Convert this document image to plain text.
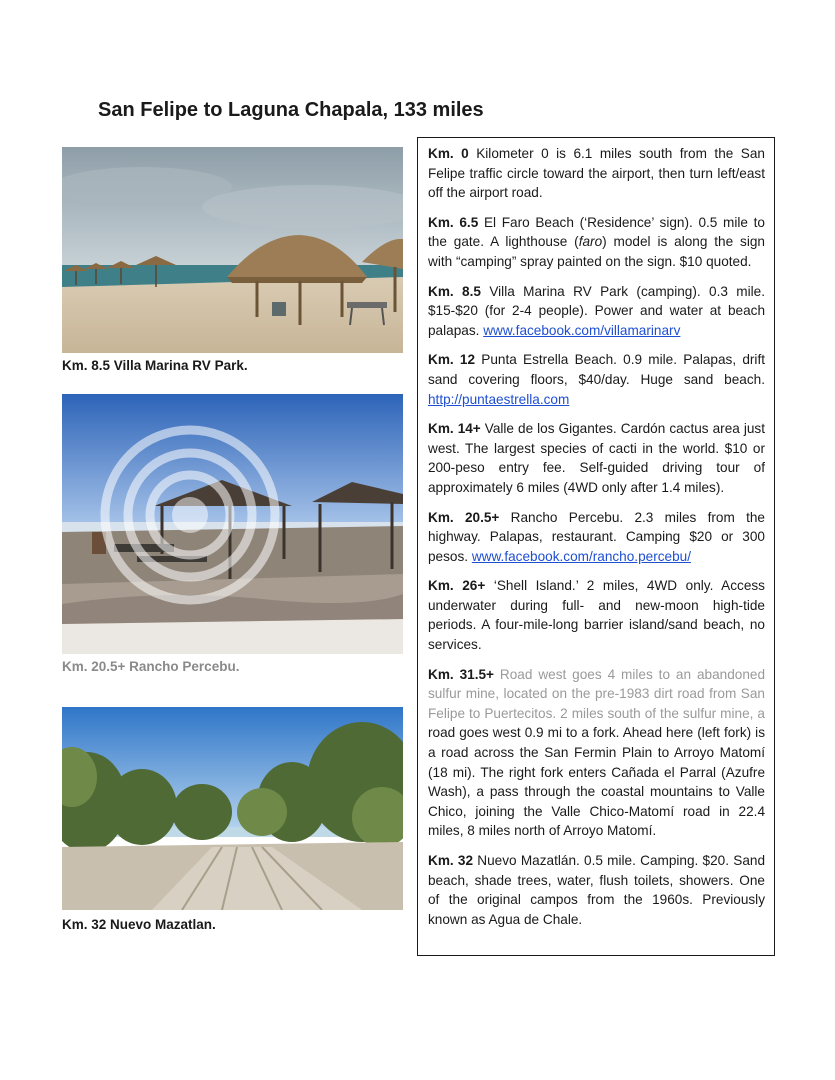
San Felipe to Laguna Chapala, 133 miles
Km. 8.5 Villa Marina RV Park.
Km. 20.5+ Rancho Percebu.
Km. 32 Nuevo Mazatlan.

Km. 0 Kilometer 0 is 6.1 miles south from the San Felipe traffic circle toward the airport, then turn left/east off the airport road.

Km. 6.5 El Faro Beach (‘Residence’ sign). 0.5 mile to the gate. A lighthouse (faro) model is along the sign with “camping” spray painted on the sign. $10 quoted.

Km. 8.5 Villa Marina RV Park (camping). 0.3 mile. $15-$20 (for 2-4 people). Power and water at beach palapas. www.facebook.com/villamarinarv

Km. 12 Punta Estrella Beach. 0.9 mile. Palapas, drift sand covering floors, $40/day. Huge sand beach. http://puntaestrella.com

Km. 14+ Valle de los Gigantes. Cardón cactus area just west. The largest species of cacti in the world. $10 or 200-peso entry fee. Self-guided driving tour of approximately 6 miles (4WD only after 1.4 miles).

Km. 20.5+ Rancho Percebu. 2.3 miles from the highway. Palapas, restaurant. Camping $20 or 300 pesos. www.facebook.com/rancho.percebu/

Km. 26+ ‘Shell Island.’ 2 miles, 4WD only. Access underwater during full- and new-moon high-tide periods. A four-mile-long barrier island/sand beach, no services.

Km. 31.5+ Road west goes 4 miles to an abandoned sulfur mine, located on the pre-1983 dirt road from San Felipe to Puertecitos. 2 miles south of the sulfur mine, a road goes west 0.9 mi to a fork. Ahead here (left fork) is a road across the San Fermin Plain to Arroyo Matomí (18 mi). The right fork enters Cañada el Parral (Azufre Wash), a pass through the coastal mountains to Valle Chico, joining the Valle Chico-Matomí road in 22.4 miles, 8 miles north of Arroyo Matomí.

Km. 32 Nuevo Mazatlán. 0.5 mile. Camping. $20. Sand beach, shade trees, water, flush toilets, showers. One of the original campos from the 1960s. Previously known as Agua de Chale.
